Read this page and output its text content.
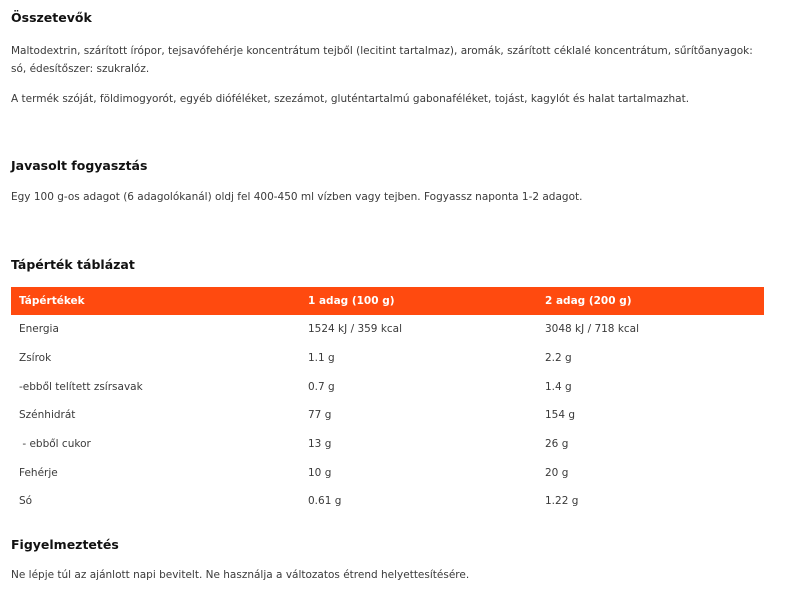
Összetevők

Maltodextrin, szárított írópor, tejsavófehérje koncentrátum tejből (lecitint tartalmaz), aromák, szárított céklalé koncentrátum, sűrítőanyagok: só, édesítőszer: szukralóz.

A termék szóját, földimogyorót, egyéb dióféléket, szezámot, gluténtartalmú gabonaféléket, tojást, kagylót és halat tartalmazhat.

Javasolt fogyasztás

Egy 100 g-os adagot (6 adagolókanál) oldj fel 400-450 ml vízben vagy tejben. Fogyassz naponta 1-2 adagot.

Tápérték táblázat
Tápértékek	1 adag (100 g)	2 adag (200 g)
Energia	1524 kJ / 359 kcal	3048 kJ / 718 kcal
Zsírok	1.1 g	2.2 g
-ebből telített zsírsavak	0.7 g	1.4 g
Szénhidrát	77 g	154 g
- ebből cukor	13 g	26 g
Fehérje	10 g	20 g
Só	0.61 g	1.22 g
Figyelmeztetés

Ne lépje túl az ajánlott napi bevitelt. Ne használja a változatos étrend helyettesítésére.
